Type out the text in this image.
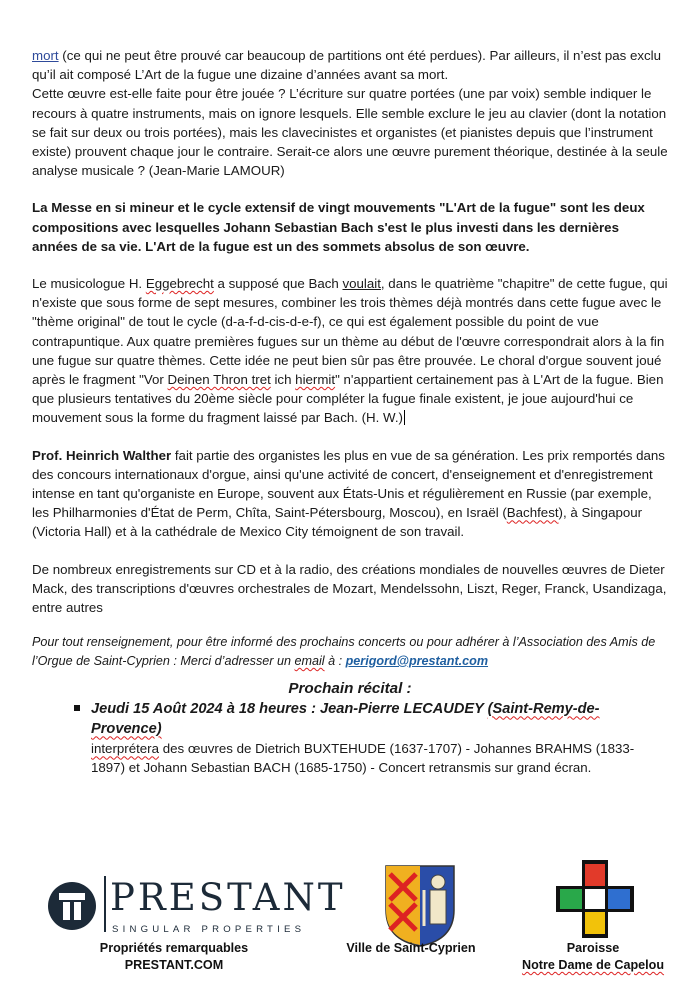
mort (ce qui ne peut être prouvé car beaucoup de partitions ont été perdues). Par ailleurs, il n’est pas exclu qu’il ait composé L’Art de la fugue une dizaine d’années avant sa mort.

Cette œuvre est-elle faite pour être jouée ? L’écriture sur quatre portées (une par voix) semble indiquer le recours à quatre instruments, mais on ignore lesquels. Elle semble exclure le jeu au clavier (dont la notation se fait sur deux ou trois portées), mais les clavecinistes et organistes (et pianistes depuis que l’instrument existe) prouvent chaque jour le contraire. Serait-ce alors une œuvre purement théorique, destinée à la seule analyse musicale ? (Jean-Marie LAMOUR)

La Messe en si mineur et le cycle extensif de vingt mouvements "L'Art de la fugue" sont les deux compositions avec lesquelles Johann Sebastian Bach s'est le plus investi dans les dernières années de sa vie. L'Art de la fugue est un des sommets absolus de son œuvre.

Le musicologue H. Eggebrecht a supposé que Bach voulait, dans le quatrième "chapitre" de cette fugue, qui n'existe que sous forme de sept mesures, combiner les trois thèmes déjà montrés dans cette fugue avec le "thème original" de tout le cycle (d-a-f-d-cis-d-e-f), ce qui est également possible du point de vue contrapuntique. Aux quatre premières fugues sur un thème au début de l'œuvre correspondrait alors à la fin une fugue sur quatre thèmes. Cette idée ne peut bien sûr pas être prouvée. Le choral d'orgue souvent joué après le fragment "Vor Deinen Thron tret ich hiermit" n'appartient certainement pas à L'Art de la fugue. Bien que plusieurs tentatives du 20ème siècle pour compléter la fugue finale existent, je joue aujourd'hui ce mouvement sous la forme du fragment laissé par Bach. (H. W.)

Prof. Heinrich Walther fait partie des organistes les plus en vue de sa génération. Les prix remportés dans des concours internationaux d'orgue, ainsi qu'une activité de concert, d'enseignement et d'enregistrement intense en tant qu'organiste en Europe, souvent aux États-Unis et régulièrement en Russie (par exemple, les Philharmonies d'État de Perm, Chîta, Saint-Pétersbourg, Moscou), en Israël (Bachfest), à Singapour (Victoria Hall) et à la cathédrale de Mexico City témoignent de son travail.

De nombreux enregistrements sur CD et à la radio, des créations mondiales de nouvelles œuvres de Dieter Mack, des transcriptions d'œuvres orchestrales de Mozart, Mendelssohn, Liszt, Reger, Franck, Usandizaga, entre autres

Pour tout renseignement, pour être informé des prochains concerts ou pour adhérer à l’Association des Amis de l’Orgue de Saint-Cyprien : Merci d’adresser un email à : perigord@prestant.com

Prochain récital :
Jeudi 15 Août 2024 à 18 heures : Jean-Pierre LECAUDEY (Saint-Remy-de-Provence)
interprétera des œuvres de Dietrich BUXTEHUDE (1637-1707) - Johannes BRAHMS (1833-1897) et Johann Sebastian BACH (1685-1750) - Concert retransmis sur grand écran.
PRESTANT
SINGULAR PROPERTIES
Propriétés remarquables
PRESTANT.COM
Ville de Saint-Cyprien	Paroisse
Notre Dame de Capelou
